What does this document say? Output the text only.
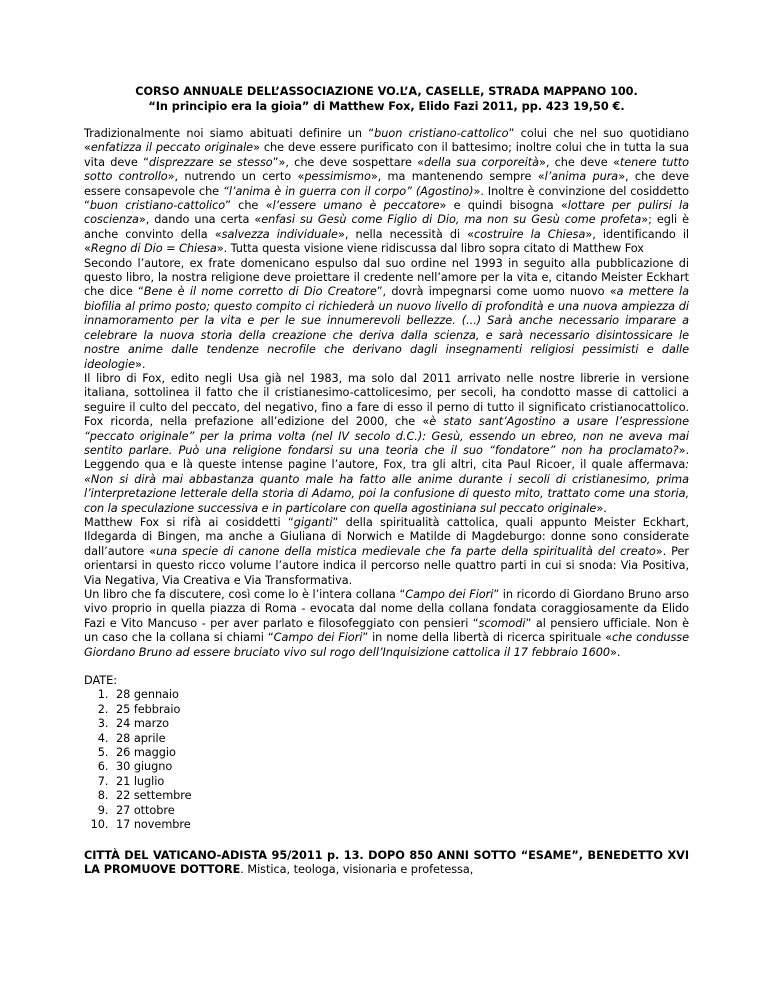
CORSO ANNUALE DELL’ASSOCIAZIONE VO.L’A, CASELLE, STRADA MAPPANO 100.
“In principio era la gioia” di Matthew Fox, Elido Fazi 2011, pp. 423 19,50 €.

Tradizionalmente noi siamo abituati definire un “buon cristiano-cattolico” colui che nel suo quotidiano «enfatizza il peccato originale» che deve essere purificato con il battesimo; inoltre colui che in tutta la sua vita deve “disprezzare se stesso”», che deve sospettare «della sua corporeità», che deve «tenere tutto sotto controllo», nutrendo un certo «pessimismo», ma mantenendo sempre «l’anima pura», che deve essere consapevole che “l’anima è in guerra con il corpo” (Agostino)». Inoltre è convinzione del cosiddetto “buon cristiano-cattolico” che «l’essere umano è peccatore» e quindi bisogna «lottare per pulirsi la coscienza», dando una certa «enfasi su Gesù come Figlio di Dio, ma non su Gesù come profeta»; egli è anche convinto della «salvezza individuale», nella necessità di «costruire la Chiesa», identificando il «Regno di Dio = Chiesa». Tutta questa visione viene ridiscussa dal libro sopra citato di Matthew Fox

Secondo l’autore, ex frate domenicano espulso dal suo ordine nel 1993 in seguito alla pubblicazione di questo libro, la nostra religione deve proiettare il credente nell’amore per la vita e, citando Meister Eckhart che dice “Bene è il nome corretto di Dio Creatore”, dovrà impegnarsi come uomo nuovo «a mettere la biofilia al primo posto; questo compito ci richiederà un nuovo livello di profondità e una nuova ampiezza di innamoramento per la vita e per le sue innumerevoli bellezze. (...) Sarà anche necessario imparare a celebrare la nuova storia della creazione che deriva dalla scienza, e sarà necessario disintossicare le nostre anime dalle tendenze necrofile che derivano dagli insegnamenti religiosi pessimisti e dalle ideologie».

Il libro di Fox, edito negli Usa già nel 1983, ma solo dal 2011 arrivato nelle nostre librerie in versione italiana, sottolinea il fatto che il cristianesimo-cattolicesimo, per secoli, ha condotto masse di cattolici a seguire il culto del peccato, del negativo, fino a fare di esso il perno di tutto il significato cristianocattolico. Fox ricorda, nella prefazione all’edizione del 2000, che «è stato sant’Agostino a usare l’espressione “peccato originale” per la prima volta (nel IV secolo d.C.): Gesù, essendo un ebreo, non ne aveva mai sentito parlare. Può una religione fondarsi su una teoria che il suo “fondatore” non ha proclamato?». Leggendo qua e là queste intense pagine l’autore, Fox, tra gli altri, cita Paul Ricoer, il quale affermava: «Non si dirà mai abbastanza quanto male ha fatto alle anime durante i secoli di cristianesimo, prima l’interpretazione letterale della storia di Adamo, poi la confusione di questo mito, trattato come una storia, con la speculazione successiva e in particolare con quella agostiniana sul peccato originale».

Matthew Fox si rifà ai cosiddetti “giganti” della spiritualità cattolica, quali appunto Meister Eckhart, Ildegarda di Bingen, ma anche a Giuliana di Norwich e Matilde di Magdeburgo: donne sono considerate dall’autore «una specie di canone della mistica medievale che fa parte della spiritualità del creato». Per orientarsi in questo ricco volume l’autore indica il percorso nelle quattro parti in cui si snoda: Via Positiva, Via Negativa, Via Creativa e Via Transformativa.

Un libro che fa discutere, così come lo è l’intera collana “Campo dei Fiori” in ricordo di Giordano Bruno arso vivo proprio in quella piazza di Roma - evocata dal nome della collana fondata coraggiosamente da Elido Fazi e Vito Mancuso - per aver parlato e filosofeggiato con pensieri “scomodi” al pensiero ufficiale. Non è un caso che la collana si chiami “Campo dei Fiori” in nome della libertà di ricerca spirituale «che condusse Giordano Bruno ad essere bruciato vivo sul rogo dell’Inquisizione cattolica il 17 febbraio 1600».

DATE:
1. 28 gennaio
2. 25 febbraio
3. 24 marzo
4. 28 aprile
5. 26 maggio
6. 30 giugno
7. 21 luglio
8. 22 settembre
9. 27 ottobre
10. 17 novembre
CITTÀ DEL VATICANO-ADISTA 95/2011 p. 13. DOPO 850 ANNI SOTTO “ESAME”, BENEDETTO XVI LA PROMUOVE DOTTORE. Mistica, teologa, visionaria e profetessa,
